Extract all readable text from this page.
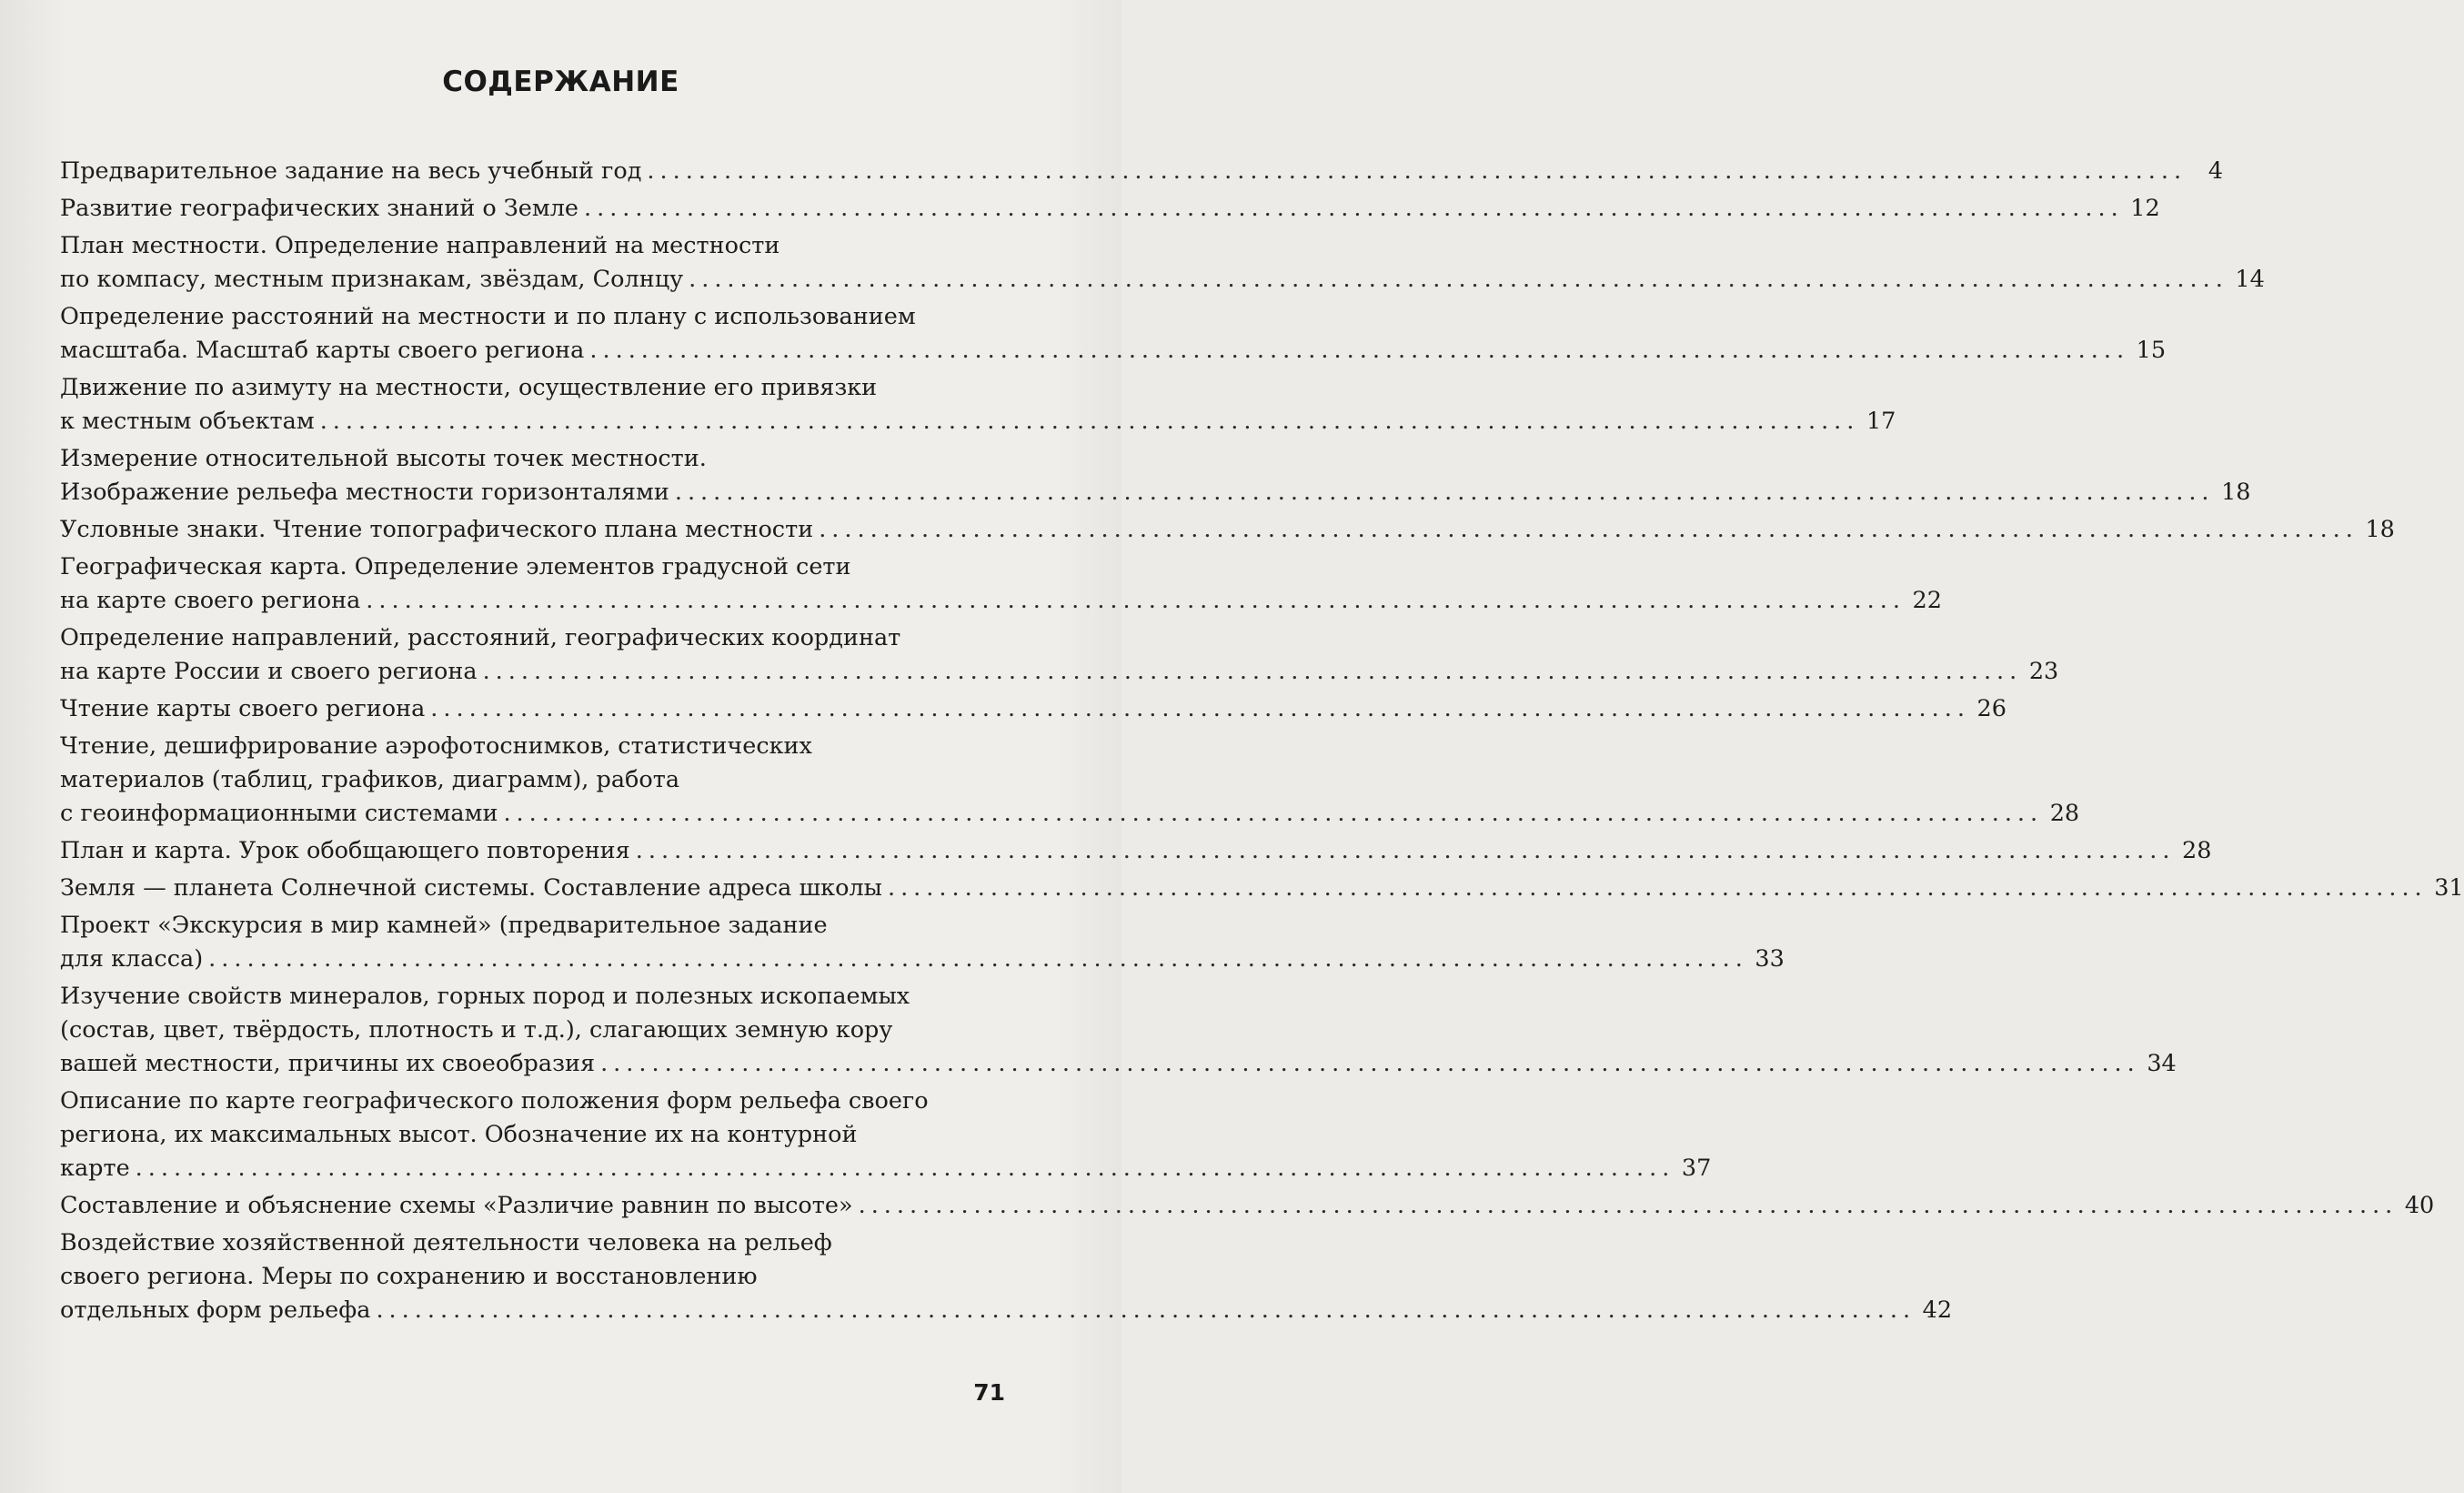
СОДЕРЖАНИЕ
Предварительное задание на весь учебный год ........................................................................................................................ 4
Развитие географических знаний о Земле ........................................................................................................................ 12
План местности. Определение направлений на местности
по компасу, местным признакам, звёздам, Солнцу ........................................................................................................................ 14
Определение расстояний на местности и по плану с использованием
масштаба. Масштаб карты своего региона ........................................................................................................................ 15
Движение по азимуту на местности, осуществление его привязки
к местным объектам ........................................................................................................................ 17
Измерение относительной высоты точек местности.
Изображение рельефа местности горизонталями ........................................................................................................................ 18
Условные знаки. Чтение топографического плана местности ........................................................................................................................ 18
Географическая карта. Определение элементов градусной сети
на карте своего региона ........................................................................................................................ 22
Определение направлений, расстояний, географических координат
на карте России и своего региона ........................................................................................................................ 23
Чтение карты своего региона ........................................................................................................................ 26
Чтение, дешифрирование аэрофотоснимков, статистических
материалов (таблиц, графиков, диаграмм), работа
с геоинформационными системами ........................................................................................................................ 28
План и карта. Урок обобщающего повторения ........................................................................................................................ 28
Земля — планета Солнечной системы. Составление адреса школы ........................................................................................................................ 31
Проект «Экскурсия в мир камней» (предварительное задание
для класса) ........................................................................................................................ 33
Изучение свойств минералов, горных пород и полезных ископаемых
(состав, цвет, твёрдость, плотность и т.д.), слагающих земную кору
вашей местности, причины их своеобразия ........................................................................................................................ 34
Описание по карте географического положения форм рельефа своего
региона, их максимальных высот. Обозначение их на контурной
карте ........................................................................................................................ 37
Составление и объяснение схемы «Различие равнин по высоте» ........................................................................................................................ 40
Воздействие хозяйственной деятельности человека на рельеф
своего региона. Меры по сохранению и восстановлению
отдельных форм рельефа ........................................................................................................................ 42
71
